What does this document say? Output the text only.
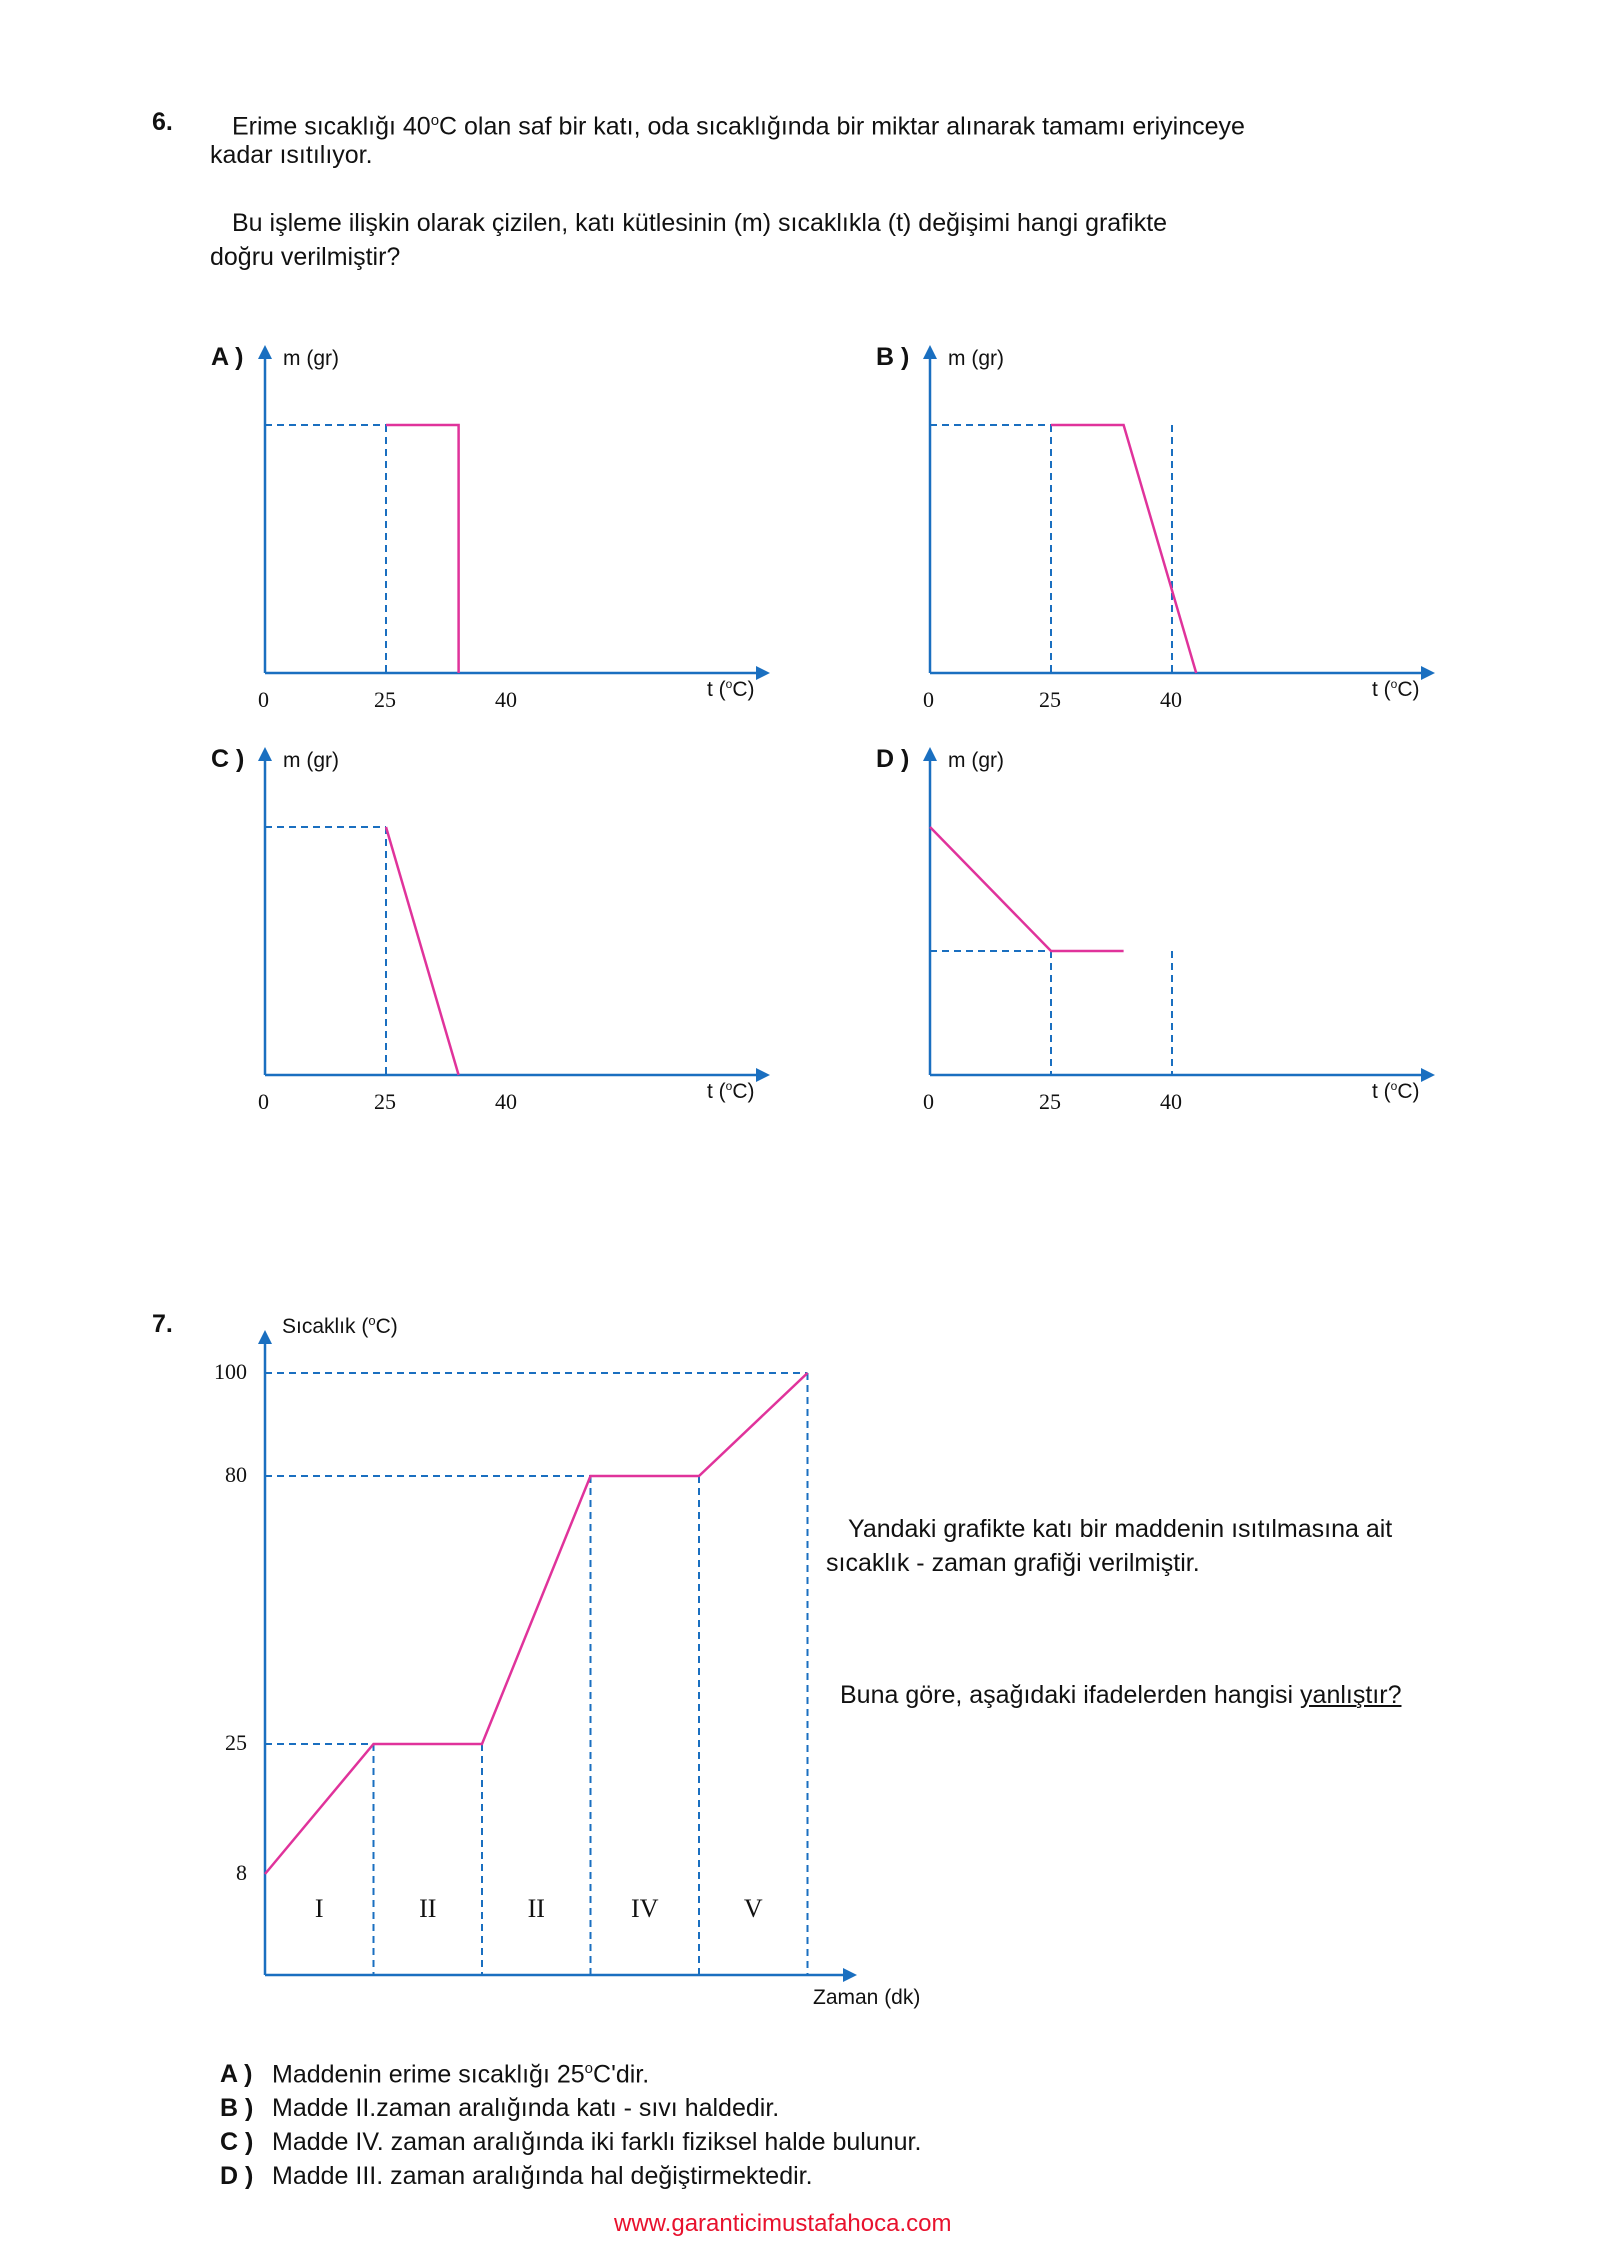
6. Erime sıcaklığı 40$^o$C olan saf bir katı, oda sıcaklığında bir miktar alınarak tamamı eriyinceye
kadar ısıtılıyor.
Bu işleme ilişkin olarak çizilen, katı kütlesinin (m) sıcaklıkla (t) değişimi hangi grafikte
doğru verilmiştir?
A ) m (gr)
t ($^o$C)
0	25	40
B ) m (gr)
t ($^o$C)
0	25	40
C ) m (gr)
t ($^o$C)
0	25	40
D ) m (gr)
t ($^o$C)
0	25	40
7.	Sıcaklık ($^o$C)
Zaman (dk)
100
80
25
8
I	II	II	IV	V
Yandaki grafikte katı bir maddenin ısıtılmasına ait
sıcaklık - zaman grafiği verilmiştir.
Buna göre, aşağıdaki ifadelerden hangisi yanlıştır?
A ) Maddenin erime sıcaklığı 25$^o$C'dir.
B ) Madde II.zaman aralığında katı - sıvı haldedir.
C ) Madde IV. zaman aralığında iki farklı fiziksel halde bulunur.
D ) Madde III. zaman aralığında hal değiştirmektedir.
www.garanticimustafahoca.com
